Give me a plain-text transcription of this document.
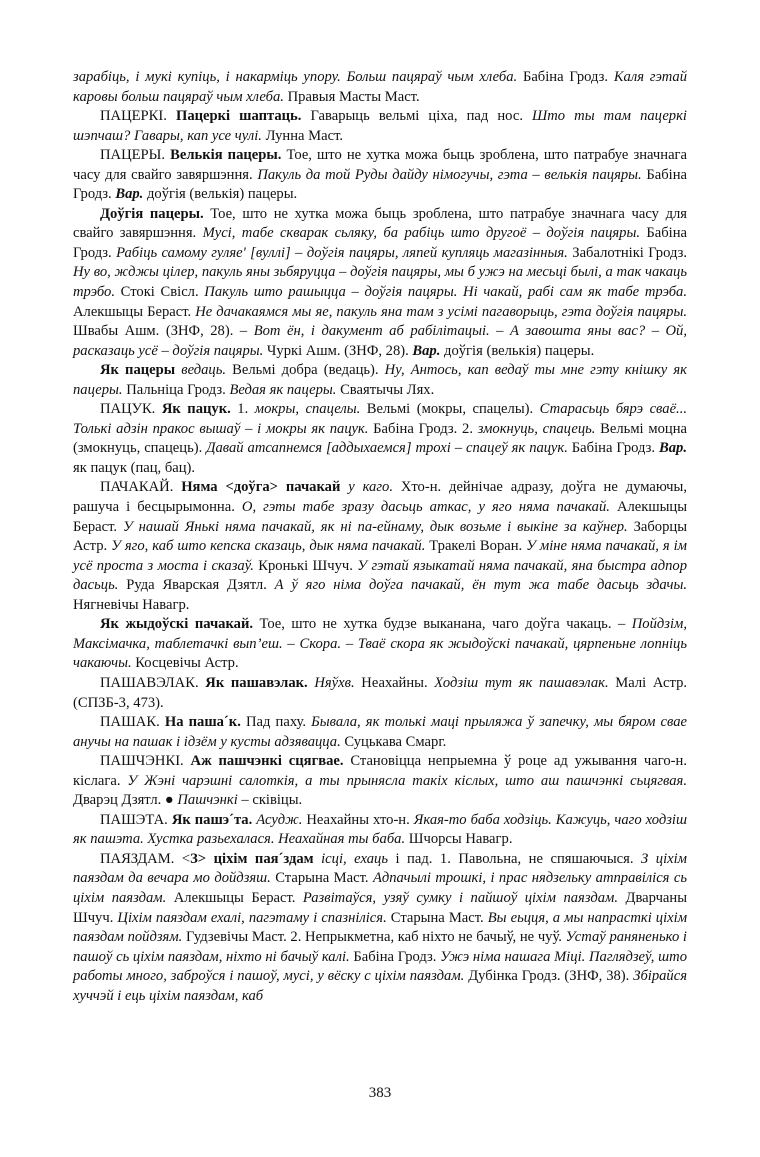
зарабіць, і мукі купіць, і накарміць упору. Больш пацяраў чым хлеба. Бабіна Гродз. Каля гэтай каровы больш пацяраў чым хлеба. Правыя Масты Маст.

ПАЦЕРКІ. Пацеркі шаптаць. Гаварыць вельмі ціха, пад нос. Што ты там пацеркі шэпчаш? Гавары, кап усе чулі. Лунна Маст.

ПАЦЕРЫ. Велькія пацеры. Тое, што не хутка можа быць зроблена, што патрабуе значнага часу для свайго завяршэння. Пакуль да той Руды дайду німогучы, гэта – велькія пацяры. Бабіна Гродз. Вар. доўгія (велькія) пацеры.

Доўгія пацеры. Тое, што не хутка можа быць зроблена, што патрабуе значнага часу для свайго завяршэння. Мусі, табе скварак сьляку, ба рабіць што другоё – доўгія пацяры. Бабіна Гродз. Рабіць самому гуляе' [вуллі] – доўгія пацяры, ляпей купляць магазінныя. Забалотнікі Гродз. Ну во, жджы цілер, пакуль яны зьбяруцца – доўгія пацяры, мы б ужэ на месьці былі, а так чакаць трэбо. Стокі Свісл. Пакуль што рашыцца – доўгія пацяры. Ні чакай, рабі сам як табе трэба. Алекшыцы Бераст. Не дачакаямся мы яе, пакуль яна там з усімі пагаворыць, гэта доўгія пацяры. Швабы Ашм. (ЗНФ, 28). – Вот ён, і дакумент аб рабілітацыі. – А завошта яны вас? – Ой, расказаць усё – доўгія пацяры. Чуркі Ашм. (ЗНФ, 28). Вар. доўгія (велькія) пацеры.

Як пацеры ведаць. Вельмі добра (ведаць). Ну, Антось, кап ведаў ты мне гэту кнішку як пацеры. Пальніца Гродз. Ведая як пацеры. Сваятычы Лях.

ПАЦУК. Як пацук. 1. мокры, спацелы. Вельмі (мокры, спацелы). Старасьць бярэ сваё... Толькі адзін пракос вышаў – і мокры як пацук. Бабіна Гродз. 2. змокнуць, спацець. Вельмі моцна (змокнуць, спацець). Давай атсапнемся [аддыхаемся] трохі – спацеў як пацук. Бабіна Гродз. Вар. як пацук (пац, бац).

ПАЧАКАЙ. Няма <доўга> пачакай у каго. Хто-н. дейнічае адразу, доўга не думаючы, рашуча і бесцырымонна. О, гэты табе зразу дасьць аткас, у яго няма пачакай. Алекшыцы Бераст. У нашай Янькі няма пачакай, як ні па-ейнаму, дык возьме і выкіне за каўнер. Заборцы Астр. У яго, каб што кепска сказаць, дык няма пачакай. Тракелі Воран. У міне няма пачакай, я ім усё проста з моста і сказаў. Кронькі Шчуч. У гэтай языкатай няма пачакай, яна быстра адпор дасьць. Руда Яварская Дзятл. А ў яго німа доўга пачакай, ён тут жа табе дасьць здачы. Нягневічы Навагр.

Як жыдоўскі пачакай. Тое, што не хутка будзе выканана, чаго доўга чакаць. – Пойдзім, Максімачка, таблетачкі вып’еш. – Скора. – Тваё скора як жыдоўскі пачакай, цярпеньне лопніць чакаючы. Косцевічы Астр.

ПАШАВЭЛАК. Як пашавэлак. Няўхв. Неахайны. Ходзіш тут як пашавэлак. Малі Астр. (СПЗБ-3, 473).

ПАШАК. На паша´к. Пад паху. Бывала, як толькі маці прыляжа ў запечку, мы бяром свае анучы на пашак і ідзём у кусты адзявацца. Суцькава Смарг.

ПАШЧЭНКІ. Аж пашчэнкі сцягвае. Становіцца непрыемна ў роце ад ужывання чаго-н. кіслага. У Жэні чарэшні салоткія, а ты прынясла такіх кіслых, што аш пашчэнкі сьцягвая. Дварэц Дзятл. ● Пашчэнкі – сківіцы.

ПАШЭТА. Як пашэ´та. Асудж. Неахайны хто-н. Якая-то баба ходзіць. Кажуць, чаго ходзіш як пашэта. Хустка разьехалася. Неахайная ты баба. Шчорсы Навагр.

ПАЯЗДАМ. <З> ціхім пая´здам ісці, ехаць і пад. 1. Павольна, не спяшаючыся. З ціхім паяздам да вечара мо дойдзяш. Старына Маст. Адпачылі трошкі, і прас нядзельку атправіліся сь ціхім паяздам. Алекшыцы Бераст. Развітаўся, узяў сумку і пайшоў ціхім паяздам. Дварчаны Шчуч. Ціхім паяздам ехалі, пагэтаму і спазніліся. Старына Маст. Вы еьцця, а мы напрасткі ціхім паяздам пойдзям. Гудзевічы Маст. 2. Непрыкметна, каб ніхто не бачыў, не чуў. Устаў раняненько і пашоў сь ціхім паяздам, ніхто ні бачыў калі. Бабіна Гродз. Ужэ німа нашага Міці. Паглядзеў, што работы много, заброўся і пашоў, мусі, у вёску с ціхім паяздам. Дубінка Гродз. (ЗНФ, 38). Збірайся хуччэй і ець ціхім паяздам, каб

383
